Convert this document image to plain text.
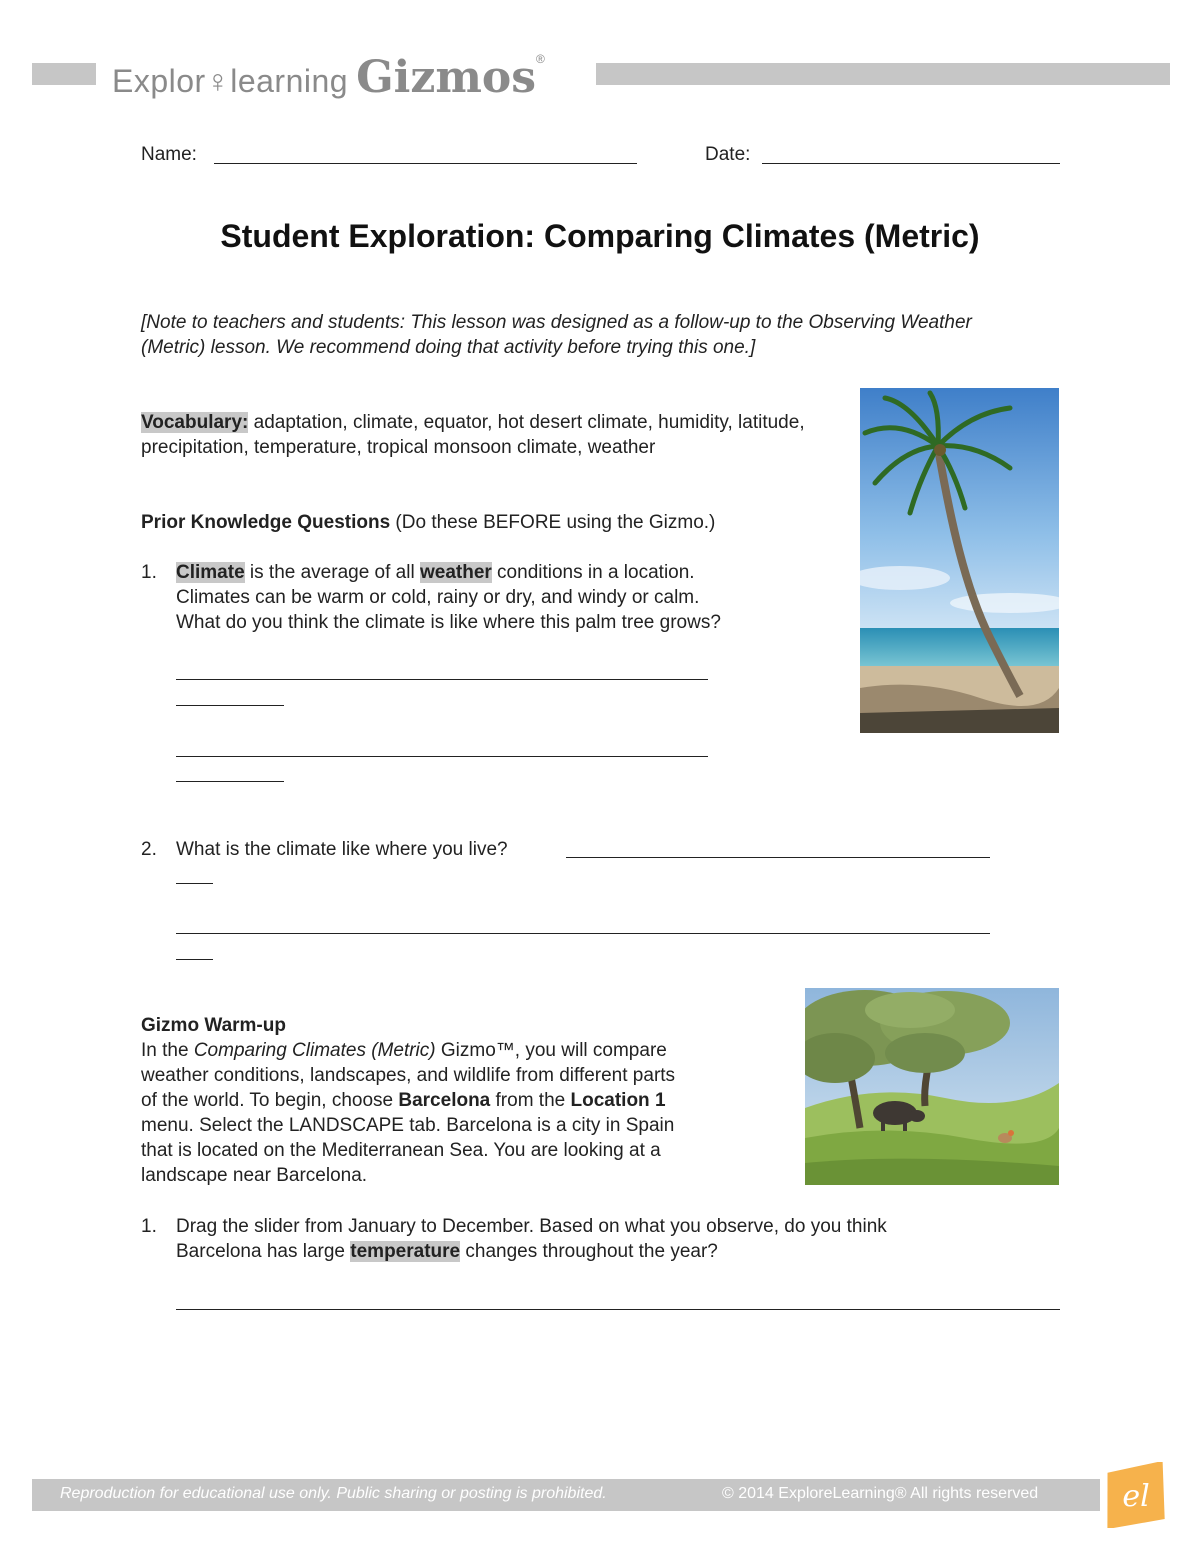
Explor♀learning Gizmos®
Name:	Date:
Student Exploration: Comparing Climates (Metric)
[Note to teachers and students: This lesson was designed as a follow-up to the Observing Weather (Metric) lesson. We recommend doing that activity before trying this one.]
Vocabulary: adaptation, climate, equator, hot desert climate, humidity, latitude, precipitation, temperature, tropical monsoon climate, weather
Prior Knowledge Questions (Do these BEFORE using the Gizmo.)
1. Climate is the average of all weather conditions in a location.
Climates can be warm or cold, rainy or dry, and windy or calm.
What do you think the climate is like where this palm tree grows?
2. What is the climate like where you live?
Gizmo Warm-up
In the Comparing Climates (Metric) Gizmo™, you will compare
weather conditions, landscapes, and wildlife from different parts
of the world. To begin, choose Barcelona from the Location 1
menu. Select the LANDSCAPE tab. Barcelona is a city in Spain
that is located on the Mediterranean Sea. You are looking at a
landscape near Barcelona.
1. Drag the slider from January to December. Based on what you observe, do you think
Barcelona has large temperature changes throughout the year?
Reproduction for educational use only. Public sharing or posting is prohibited.	© 2014 ExploreLearning® All rights reserved	el
